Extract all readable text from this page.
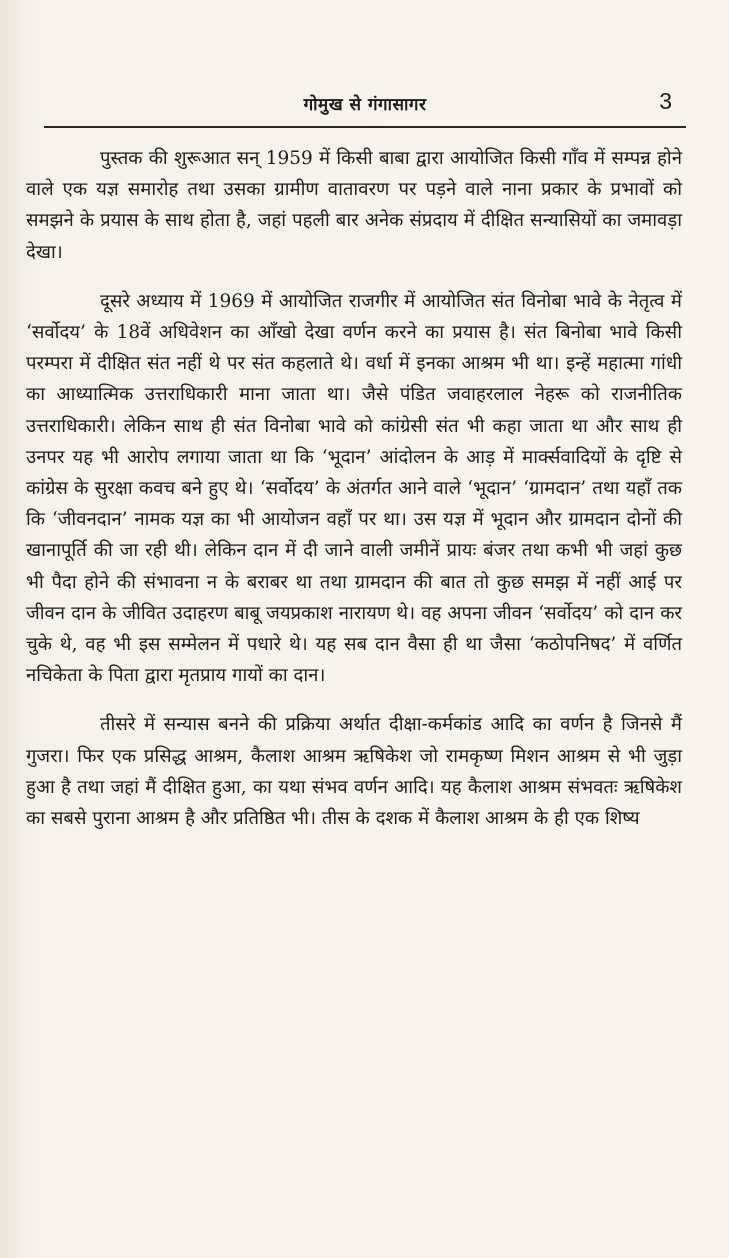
गोमुख से गंगासागर	3

पुस्तक की शुरूआत सन् 1959 में किसी बाबा द्वारा आयोजित किसी गाँव में सम्पन्न होने वाले एक यज्ञ समारोह तथा उसका ग्रामीण वातावरण पर पड़ने वाले नाना प्रकार के प्रभावों को समझने के प्रयास के साथ होता है, जहां पहली बार अनेक संप्रदाय में दीक्षित सन्यासियों का जमावड़ा देखा।

दूसरे अध्याय में 1969 में आयोजित राजगीर में आयोजित संत विनोबा भावे के नेतृत्व में ‘सर्वोदय’ के 18वें अधिवेशन का आँखो देखा वर्णन करने का प्रयास है। संत बिनोबा भावे किसी परम्परा में दीक्षित संत नहीं थे पर संत कहलाते थे। वर्धा में इनका आश्रम भी था। इन्हें महात्मा गांधी का आध्यात्मिक उत्तराधिकारी माना जाता था। जैसे पंडित जवाहरलाल नेहरू को राजनीतिक उत्तराधिकारी। लेकिन साथ ही संत विनोबा भावे को कांग्रेसी संत भी कहा जाता था और साथ ही उनपर यह भी आरोप लगाया जाता था कि ‘भूदान’ आंदोलन के आड़ में मार्क्सवादियों के दृष्टि से कांग्रेस के सुरक्षा कवच बने हुए थे। ‘सर्वोदय’ के अंतर्गत आने वाले ‘भूदान’ ‘ग्रामदान’ तथा यहाँ तक कि ‘जीवनदान’ नामक यज्ञ का भी आयोजन वहाँ पर था। उस यज्ञ में भूदान और ग्रामदान दोनों की खानापूर्ति की जा रही थी। लेकिन दान में दी जाने वाली जमीनें प्रायः बंजर तथा कभी भी जहां कुछ भी पैदा होने की संभावना न के बराबर था तथा ग्रामदान की बात तो कुछ समझ में नहीं आई पर जीवन दान के जीवित उदाहरण बाबू जयप्रकाश नारायण थे। वह अपना जीवन ‘सर्वोदय’ को दान कर चुके थे, वह भी इस सम्मेलन में पधारे थे। यह सब दान वैसा ही था जैसा ‘कठोपनिषद’ में वर्णित नचिकेता के पिता द्वारा मृतप्राय गायों का दान।

तीसरे में सन्यास बनने की प्रक्रिया अर्थात दीक्षा-कर्मकांड आदि का वर्णन है जिनसे मैं गुजरा। फिर एक प्रसिद्ध आश्रम, कैलाश आश्रम ऋषिकेश जो रामकृष्ण मिशन आश्रम से भी जुड़ा हुआ है तथा जहां मैं दीक्षित हुआ, का यथा संभव वर्णन आदि। यह कैलाश आश्रम संभवतः ऋषिकेश का सबसे पुराना आश्रम है और प्रतिष्ठित भी। तीस के दशक में कैलाश आश्रम के ही एक शिष्य
